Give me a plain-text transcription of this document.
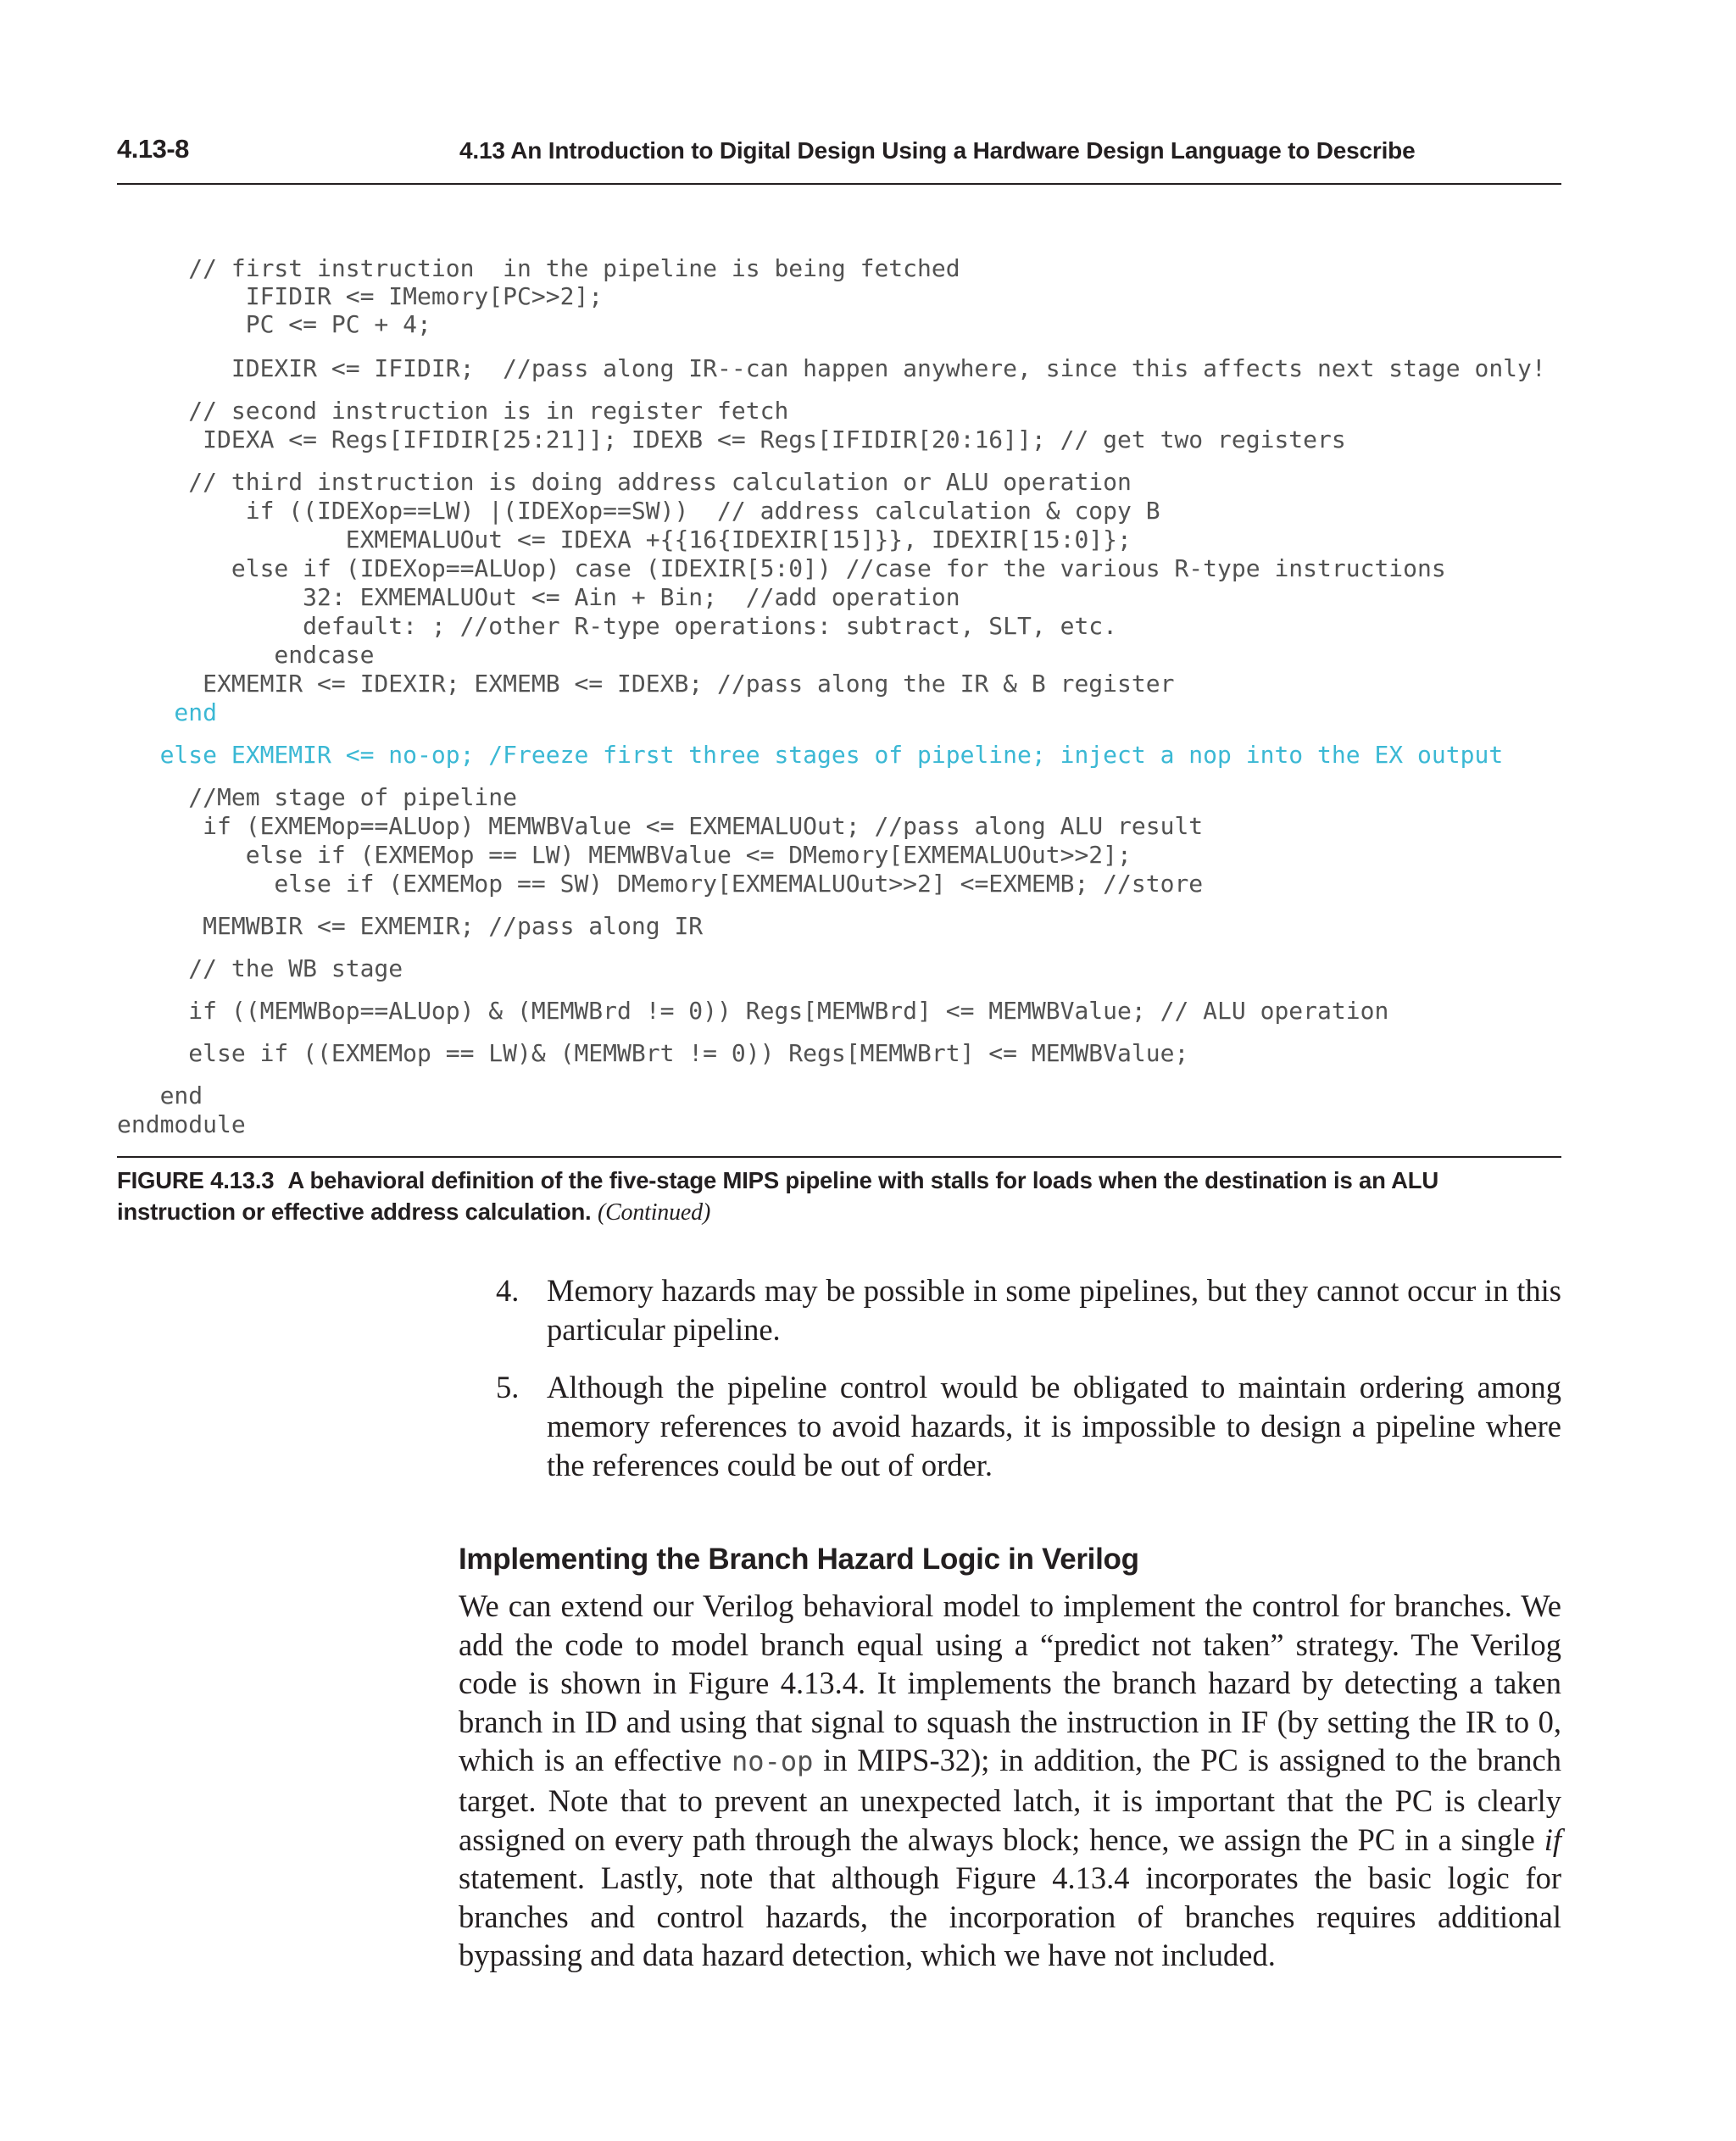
4.13-8	4.13 An Introduction to Digital Design Using a Hardware Design Language to Describe
// first instruction  in the pipeline is being fetched
IFIDIR <= IMemory[PC>>2];
PC <= PC + 4;
IDEXIR <= IFIDIR;  //pass along IR--can happen anywhere, since this affects next stage only!
// second instruction is in register fetch
IDEXA <= Regs[IFIDIR[25:21]]; IDEXB <= Regs[IFIDIR[20:16]]; // get two registers
// third instruction is doing address calculation or ALU operation
if ((IDEXop==LW) |(IDEXop==SW))  // address calculation & copy B
EXMEMALUOut <= IDEXA +{{16{IDEXIR[15]}}, IDEXIR[15:0]};
else if (IDEXop==ALUop) case (IDEXIR[5:0]) //case for the various R-type instructions
32: EXMEMALUOut <= Ain + Bin;  //add operation
default: ; //other R-type operations: subtract, SLT, etc.
endcase
EXMEMIR <= IDEXIR; EXMEMB <= IDEXB; //pass along the IR & B register
end
else EXMEMIR <= no-op; /Freeze first three stages of pipeline; inject a nop into the EX output
//Mem stage of pipeline
if (EXMEMop==ALUop) MEMWBValue <= EXMEMALUOut; //pass along ALU result
else if (EXMEMop == LW) MEMWBValue <= DMemory[EXMEMALUOut>>2];
else if (EXMEMop == SW) DMemory[EXMEMALUOut>>2] <=EXMEMB; //store
MEMWBIR <= EXMEMIR; //pass along IR
// the WB stage
if ((MEMWBop==ALUop) & (MEMWBrd != 0)) Regs[MEMWBrd] <= MEMWBValue; // ALU operation
else if ((EXMEMop == LW)& (MEMWBrt != 0)) Regs[MEMWBrt] <= MEMWBValue;
end
endmodule
FIGURE 4.13.3 A behavioral definition of the five-stage MIPS pipeline with stalls for loads when the destination is an ALU instruction or effective address calculation. (Continued)
4. Memory hazards may be possible in some pipelines, but they cannot occur in this particular pipeline.
5. Although the pipeline control would be obligated to maintain ordering among memory references to avoid hazards, it is impossible to design a pipeline where the references could be out of order.
Implementing the Branch Hazard Logic in Verilog
We can extend our Verilog behavioral model to implement the control for branches. We add the code to model branch equal using a “predict not taken” strategy. The Verilog code is shown in Figure 4.13.4. It implements the branch hazard by detecting a taken branch in ID and using that signal to squash the instruction in IF (by setting the IR to 0, which is an effective no-op in MIPS-32); in addition, the PC is assigned to the branch target. Note that to prevent an unexpected latch, it is important that the PC is clearly assigned on every path through the always block; hence, we assign the PC in a single if statement. Lastly, note that although Figure 4.13.4 incorporates the basic logic for branches and control hazards, the incorporation of branches requires additional bypassing and data hazard detection, which we have not included.
